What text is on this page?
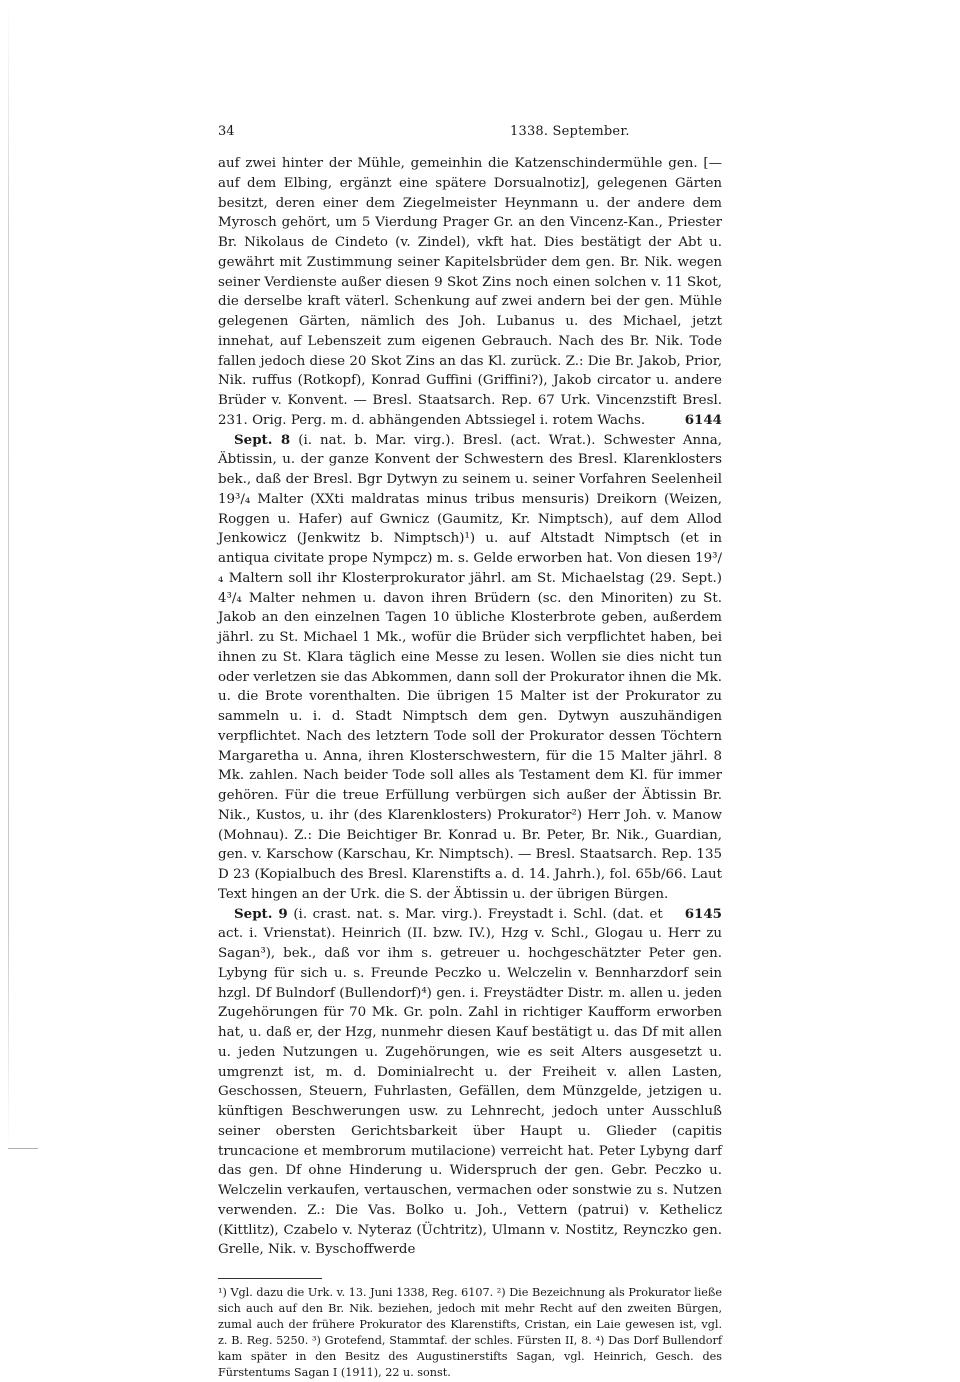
34	1338. September.

auf zwei hinter der Mühle, gemeinhin die Katzenschindermühle gen. [— auf dem Elbing, ergänzt eine spätere Dorsualnotiz], gelegenen Gärten besitzt, deren einer dem Ziegelmeister Heynmann u. der andere dem Myrosch gehört, um 5 Vierdung Prager Gr. an den Vincenz-Kan., Priester Br. Nikolaus de Cindeto (v. Zindel), vkft hat. Dies bestätigt der Abt u. gewährt mit Zustimmung seiner Kapitelsbrüder dem gen. Br. Nik. wegen seiner Verdienste außer diesen 9 Skot Zins noch einen solchen v. 11 Skot, die derselbe kraft väterl. Schenkung auf zwei andern bei der gen. Mühle gelegenen Gärten, nämlich des Joh. Lubanus u. des Michael, jetzt innehat, auf Lebenszeit zum eigenen Gebrauch. Nach des Br. Nik. Tode fallen jedoch diese 20 Skot Zins an das Kl. zurück. Z.: Die Br. Jakob, Prior, Nik. ruffus (Rotkopf), Konrad Guffini (Griffini?), Jakob circator u. andere Brüder v. Konvent. — Bresl. Staatsarch. Rep. 67 Urk. Vincenzstift Bresl. 231. Orig. Perg. m. d. abhängenden Abtssiegel i. rotem Wachs.	6144

Sept. 8 (i. nat. b. Mar. virg.). Bresl. (act. Wrat.). Schwester Anna, Äbtissin, u. der ganze Konvent der Schwestern des Bresl. Klarenklosters bek., daß der Bresl. Bgr Dytwyn zu seinem u. seiner Vorfahren Seelenheil 19³/₄ Malter (XXti maldratas minus tribus mensuris) Dreikorn (Weizen, Roggen u. Hafer) auf Gwnicz (Gaumitz, Kr. Nimptsch), auf dem Allod Jenkowicz (Jenkwitz b. Nimptsch)¹) u. auf Altstadt Nimptsch (et in antiqua civitate prope Nympcz) m. s. Gelde erworben hat. Von diesen 19³/₄ Maltern soll ihr Klosterprokurator jährl. am St. Michaelstag (29. Sept.) 4³/₄ Malter nehmen u. davon ihren Brüdern (sc. den Minoriten) zu St. Jakob an den einzelnen Tagen 10 übliche Klosterbrote geben, außerdem jährl. zu St. Michael 1 Mk., wofür die Brüder sich verpflichtet haben, bei ihnen zu St. Klara täglich eine Messe zu lesen. Wollen sie dies nicht tun oder verletzen sie das Abkommen, dann soll der Prokurator ihnen die Mk. u. die Brote vorenthalten. Die übrigen 15 Malter ist der Prokurator zu sammeln u. i. d. Stadt Nimptsch dem gen. Dytwyn auszuhändigen verpflichtet. Nach des letztern Tode soll der Prokurator dessen Töchtern Margaretha u. Anna, ihren Klosterschwestern, für die 15 Malter jährl. 8 Mk. zahlen. Nach beider Tode soll alles als Testament dem Kl. für immer gehören. Für die treue Erfüllung verbürgen sich außer der Äbtissin Br. Nik., Kustos, u. ihr (des Klarenklosters) Prokurator²) Herr Joh. v. Manow (Mohnau). Z.: Die Beichtiger Br. Konrad u. Br. Peter, Br. Nik., Guardian, gen. v. Karschow (Karschau, Kr. Nimptsch). — Bresl. Staatsarch. Rep. 135 D 23 (Kopialbuch des Bresl. Klarenstifts a. d. 14. Jahrh.), fol. 65b/66. Laut Text hingen an der Urk. die S. der Äbtissin u. der übrigen Bürgen.
6145

Sept. 9 (i. crast. nat. s. Mar. virg.). Freystadt i. Schl. (dat. et act. i. Vrienstat). Heinrich (II. bzw. IV.), Hzg v. Schl., Glogau u. Herr zu Sagan³), bek., daß vor ihm s. getreuer u. hochgeschätzter Peter gen. Lybyng für sich u. s. Freunde Peczko u. Welczelin v. Bennharzdorf sein hzgl. Df Bulndorf (Bullendorf)⁴) gen. i. Freystädter Distr. m. allen u. jeden Zugehörungen für 70 Mk. Gr. poln. Zahl in richtiger Kaufform erworben hat, u. daß er, der Hzg, nunmehr diesen Kauf bestätigt u. das Df mit allen u. jeden Nutzungen u. Zugehörungen, wie es seit Alters ausgesetzt u. umgrenzt ist, m. d. Dominialrecht u. der Freiheit v. allen Lasten, Geschossen, Steuern, Fuhrlasten, Gefällen, dem Münzgelde, jetzigen u. künftigen Beschwerungen usw. zu Lehnrecht, jedoch unter Ausschluß seiner obersten Gerichtsbarkeit über Haupt u. Glieder (capitis truncacione et membrorum mutilacione) verreicht hat. Peter Lybyng darf das gen. Df ohne Hinderung u. Widerspruch der gen. Gebr. Peczko u. Welczelin verkaufen, vertauschen, vermachen oder sonstwie zu s. Nutzen verwenden. Z.: Die Vas. Bolko u. Joh., Vettern (patrui) v. Kethelicz (Kittlitz), Czabelo v. Nyteraz (Üchtritz), Ulmann v. Nostitz, Reynczko gen. Grelle, Nik. v. Byschoffwerde

¹) Vgl. dazu die Urk. v. 13. Juni 1338, Reg. 6107. ²) Die Bezeichnung als Prokurator ließe sich auch auf den Br. Nik. beziehen, jedoch mit mehr Recht auf den zweiten Bürgen, zumal auch der frühere Prokurator des Klarenstifts, Cristan, ein Laie gewesen ist, vgl. z. B. Reg. 5250. ³) Grotefend, Stammtaf. der schles. Fürsten II, 8. ⁴) Das Dorf Bullendorf kam später in den Besitz des Augustinerstifts Sagan, vgl. Heinrich, Gesch. des Fürstentums Sagan I (1911), 22 u. sonst.
